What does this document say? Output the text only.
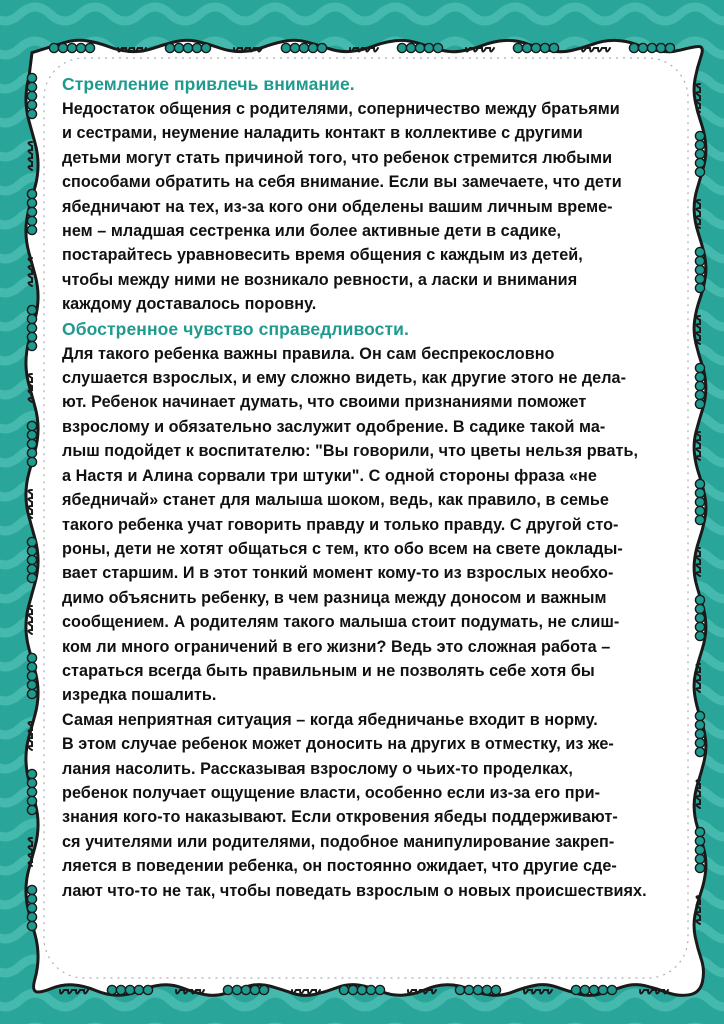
Стремление привлечь внимание.

Недостаток общения с родителями, соперничество между братьями
и сестрами, неумение наладить контакт в коллективе с другими
детьми могут стать причиной того, что ребенок стремится любыми
способами обратить на себя внимание. Если вы замечаете, что дети
ябедничают на тех, из-за кого они обделены вашим личным време-
нем – младшая сестренка или более активные дети в садике,
постарайтесь уравновесить время общения с каждым из детей,
чтобы между ними не возникало ревности, а ласки и внимания
каждому доставалось поровну.

Обостренное чувство справедливости.

Для такого ребенка важны правила. Он сам беспрекословно
слушается взрослых, и ему сложно видеть, как другие этого не дела-
ют. Ребенок начинает думать, что своими признаниями поможет
взрослому и обязательно заслужит одобрение. В садике такой ма-
лыш подойдет к воспитателю: "Вы говорили, что цветы нельзя рвать,
а Настя и Алина сорвали три штуки". С одной стороны фраза «не
ябедничай» станет для малыша шоком, ведь, как правило, в семье
такого ребенка учат говорить правду и только правду. С другой сто-
роны, дети не хотят общаться с тем, кто обо всем на свете доклады-
вает старшим. И в этот тонкий момент кому-то из взрослых необхо-
димо объяснить ребенку, в чем разница между доносом и важным
сообщением. А родителям такого малыша стоит подумать, не слиш-
ком ли много ограничений в его жизни? Ведь это сложная работа –
стараться всегда быть правильным и не позволять себе хотя бы
изредка пошалить.

Самая неприятная ситуация – когда ябедничанье входит в норму.
В этом случае ребенок может доносить на других в отместку, из же-
лания насолить. Рассказывая взрослому о чьих-то проделках,
ребенок получает ощущение власти, особенно если из-за его при-
знания кого-то наказывают. Если откровения ябеды поддерживают-
ся учителями или родителями, подобное манипулирование закреп-
ляется в поведении ребенка, он постоянно ожидает, что другие сде-
лают что-то не так, чтобы поведать взрослым о новых происшествиях.
